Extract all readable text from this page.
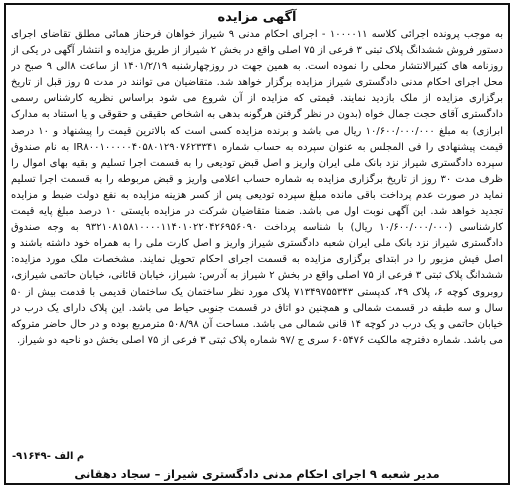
آگهی مزایده
به موجب پرونده اجرائی کلاسه ۱۰۰۰۰۱۱ - اجرای احکام مدنی ۹ شیراز خواهان فرحناز همائی مطلق تقاضای اجرای دستور فروش ششدانگ پلاک ثبتی ۳ فرعی از ۷۵ اصلی واقع در بخش ۲ شیراز از طریق مزایده و انتشار آگهی در یکی از روزنامه های کثیرالانتشار محلی را نموده است. به همین جهت در روزچهارشنبه ۱۴۰۱/۲/۱۹ از ساعت ۸الی ۹ صبح در محل اجرای احکام مدنی دادگستری شیراز مزایده برگزار خواهد شد. متقاضیان می توانند در مدت ۵ روز قبل از تاریخ برگزاری مزایده از ملک بازدید نمایند. قیمتی که مزایده از آن شروع می شود براساس نظریه کارشناس رسمی دادگستری آقای حجت جمال خواه (بدون در نظر گرفتن هرگونه بدهی به اشخاص حقیقی و حقوقی و یا استناد به مدارک ابرازی) به مبلغ ۱۰/۶۰۰/۰۰۰/۰۰۰ ریال می باشد و برنده مزایده کسی است که بالاترین قیمت را پیشنهاد و ۱۰ درصد قیمت پیشنهادی را فی المجلس به عنوان سپرده به حساب شماره IR۸۰۰۱۰۰۰۰۰۴۰۵۸۰۱۲۹۰۷۶۲۳۳۴۱ به نام صندوق سپرده دادگستری شیراز نزد بانک ملی ایران واریز و اصل قبض تودیعی را به قسمت اجرا تسلیم و بقیه بهای اموال را ظرف مدت ۳۰ روز از تاریخ برگزاری مزایده به شماره حساب اعلامی واریز و قبض مربوطه را به قسمت اجرا تسلیم نماید در صورت عدم پرداخت باقی مانده مبلغ سپرده تودیعی پس از کسر هزینه مزایده به نفع دولت ضبط و مزایده تجدید خواهد شد. این آگهی نوبت اول می باشد. ضمنا متقاضیان شرکت در مزایده بایستی ۱۰ درصد مبلغ پایه قیمت کارشناسی (۱۰/۶۰۰/۰۰۰/۰۰۰ ریال) با شناسه پرداخت ۹۳۲۱۰۸۱۵۸۱۰۰۰۰۱۱۴۰۱۰۲۲۰۴۲۶۹۵۶۰۹۰ به وجه صندوق دادگستری شیراز نزد بانک ملی ایران شعبه دادگستری شیراز واریز و اصل کارت ملی را به همراه خود داشته باشند و اصل فیش مزبور را در ابتدای برگزاری مزایده به قسمت اجرای احکام تحویل نمایند. مشخصات ملک مورد مزایده: ششدانگ پلاک ثبتی ۳ فرعی از ۷۵ اصلی واقع در بخش ۲ شیراز به آدرس: شیراز، خیابان قائانی، خیابان حاتمی شیرازی، روبروی کوچه ۶، پلاک ۴۹، کدپستی ۷۱۳۴۹۷۵۵۳۴۳ پلاک مورد نظر ساختمان یک ساختمان قدیمی با قدمت بیش از ۵۰ سال و سه طبقه در قسمت شمالی و همچنین دو اتاق در قسمت جنوبی حیاط می باشد. این پلاک دارای یک درب در خیابان حاتمی و یک درب در کوچه ۱۴ قانی شمالی می باشد. مساحت آن ۵۰۸/۹۸ مترمربع بوده و در حال حاضر متروکه می باشد. شماره دفترچه مالکیت ۶۰۵۴۷۶ سری ج /۹۷ شماره پلاک ثبتی ۳ فرعی از ۷۵ اصلی بخش دو ناحیه دو شیراز.
م الف -۹۱۶۴۹-
مدیر شعبه ۹ اجرای احکام مدنی دادگستری شیراز – سجاد دهقانی
